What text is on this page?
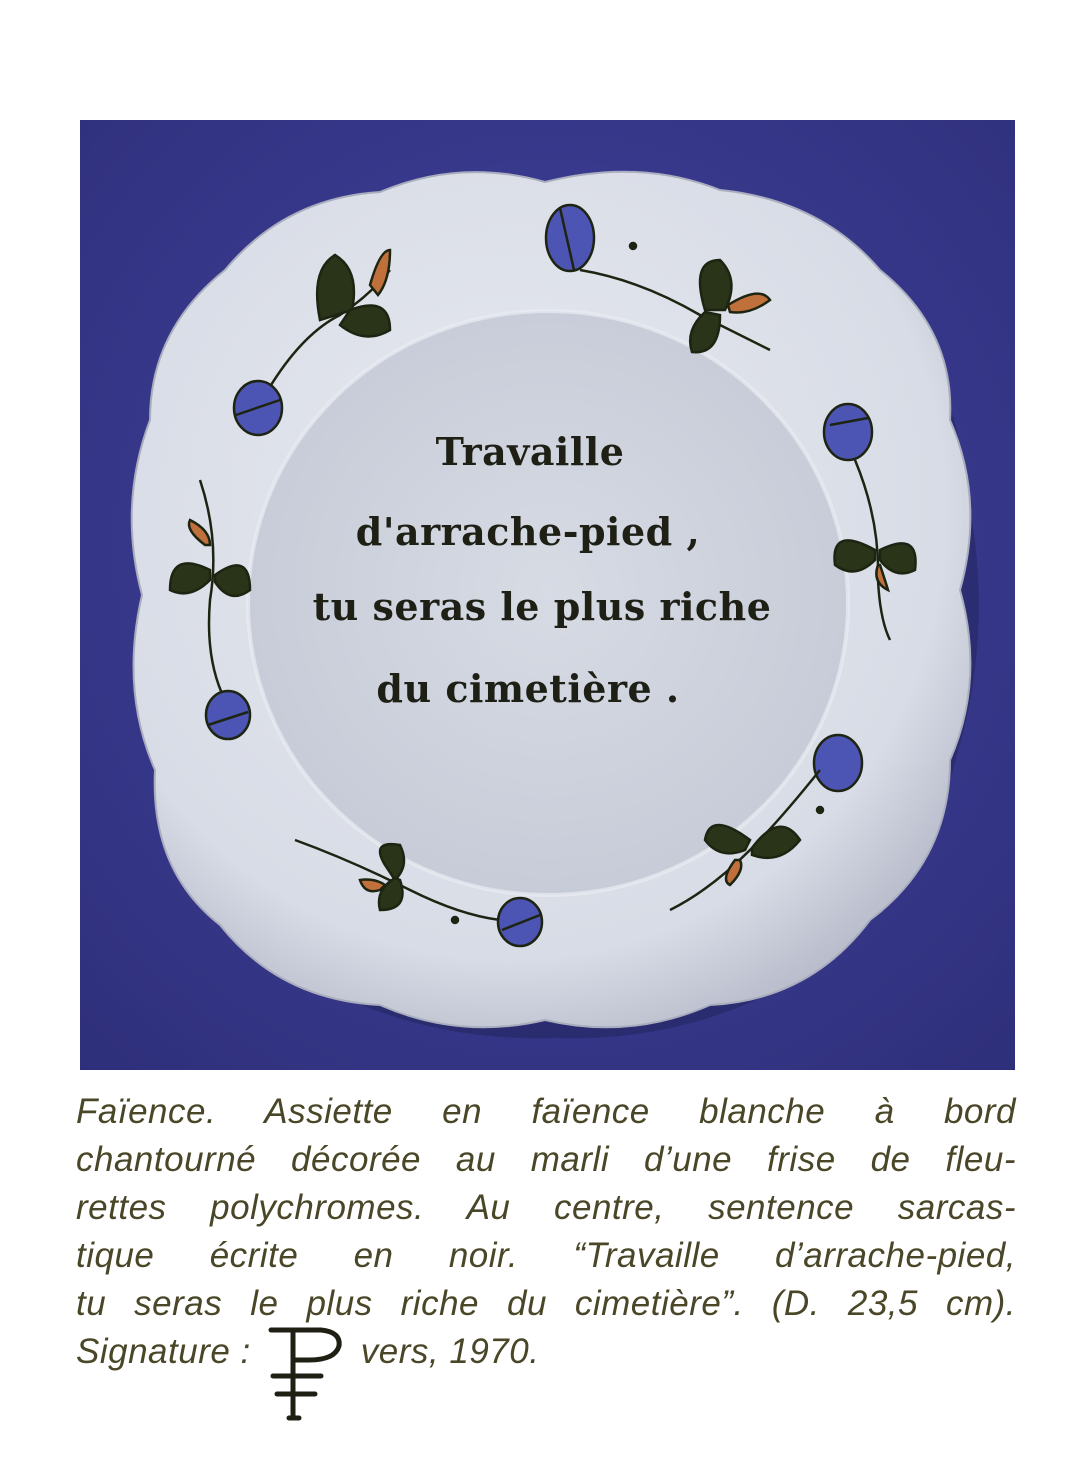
Travaille
d'arrache-pied ,
tu seras le plus riche
du cimetière .
Faïence. Assiette en faïence blanche à bord
chantourné décorée au marli d’une frise de fleu-
rettes polychromes. Au centre, sentence sarcas-
tique écrite en noir. “Travaille d’arrache-pied,
tu seras le plus riche du cimetière”. (D. 23,5 cm).
Signature :	vers, 1970.
